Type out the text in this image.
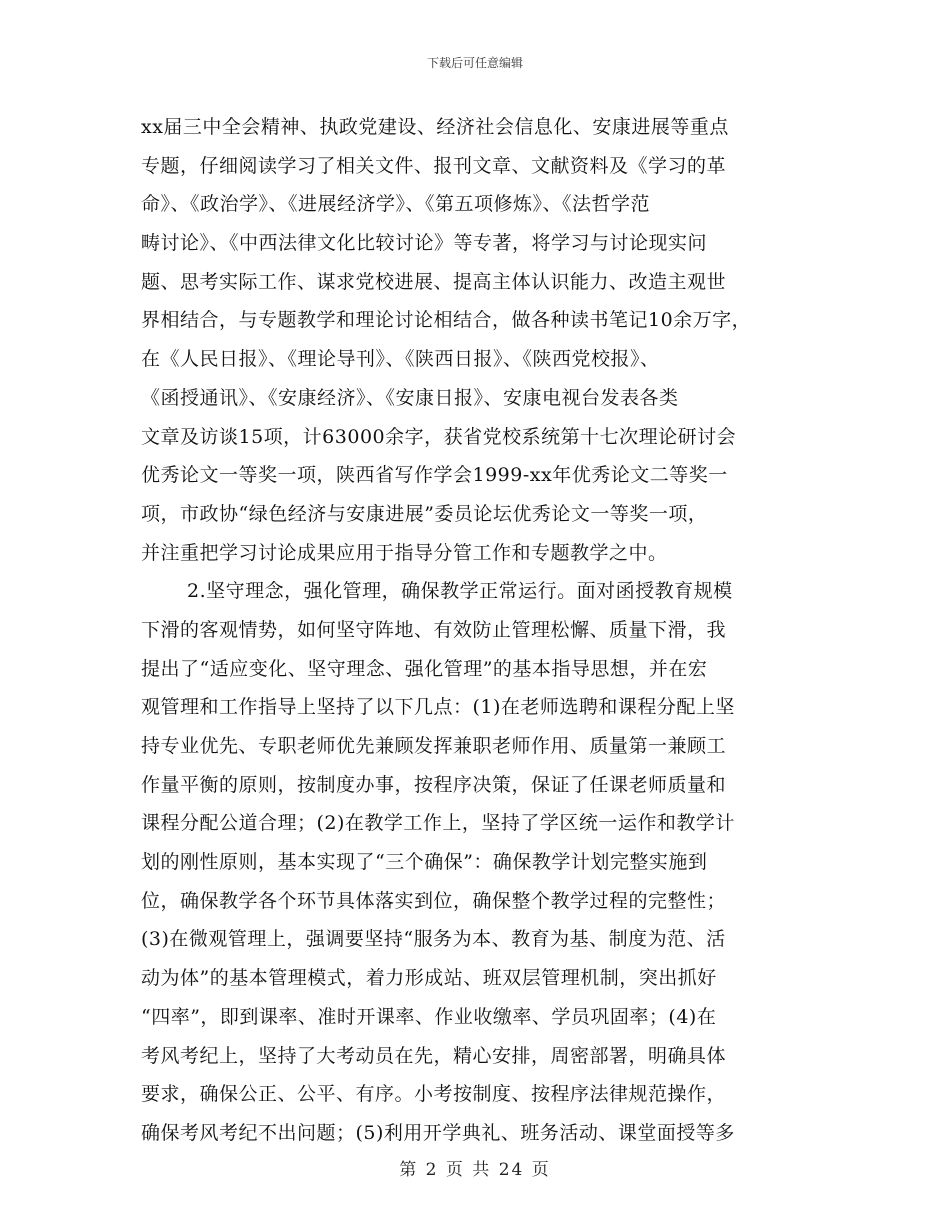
下载后可任意编辑
xx届三中全会精神、执政党建设、经济社会信息化、安康进展等重点
专题，仔细阅读学习了相关文件、报刊文章、文献资料及《学习的革
命》、《政治学》、《进展经济学》、《第五项修炼》、《法哲学范
畴讨论》、《中西法律文化比较讨论》等专著，将学习与讨论现实问
题、思考实际工作、谋求党校进展、提高主体认识能力、改造主观世
界相结合，与专题教学和理论讨论相结合，做各种读书笔记10余万字，
在《人民日报》、《理论导刊》、《陕西日报》、《陕西党校报》、
《函授通讯》、《安康经济》、《安康日报》、安康电视台发表各类
文章及访谈15项，计63000余字，获省党校系统第十七次理论研讨会
优秀论文一等奖一项，陕西省写作学会1999-xx年优秀论文二等奖一
项，市政协“绿色经济与安康进展”委员论坛优秀论文一等奖一项，
并注重把学习讨论成果应用于指导分管工作和专题教学之中。
2.坚守理念，强化管理，确保教学正常运行。面对函授教育规模
下滑的客观情势，如何坚守阵地、有效防止管理松懈、质量下滑，我
提出了“适应变化、坚守理念、强化管理”的基本指导思想，并在宏
观管理和工作指导上坚持了以下几点：(1)在老师选聘和课程分配上坚
持专业优先、专职老师优先兼顾发挥兼职老师作用、质量第一兼顾工
作量平衡的原则，按制度办事，按程序决策，保证了任课老师质量和
课程分配公道合理；(2)在教学工作上，坚持了学区统一运作和教学计
划的刚性原则，基本实现了“三个确保”：确保教学计划完整实施到
位，确保教学各个环节具体落实到位，确保整个教学过程的完整性；
(3)在微观管理上，强调要坚持“服务为本、教育为基、制度为范、活
动为体”的基本管理模式，着力形成站、班双层管理机制，突出抓好
“四率”，即到课率、准时开课率、作业收缴率、学员巩固率；(4)在
考风考纪上，坚持了大考动员在先，精心安排，周密部署，明确具体
要求，确保公正、公平、有序。小考按制度、按程序法律规范操作，
确保考风考纪不出问题；(5)利用开学典礼、班务活动、课堂面授等多
第 2 页 共 24 页
